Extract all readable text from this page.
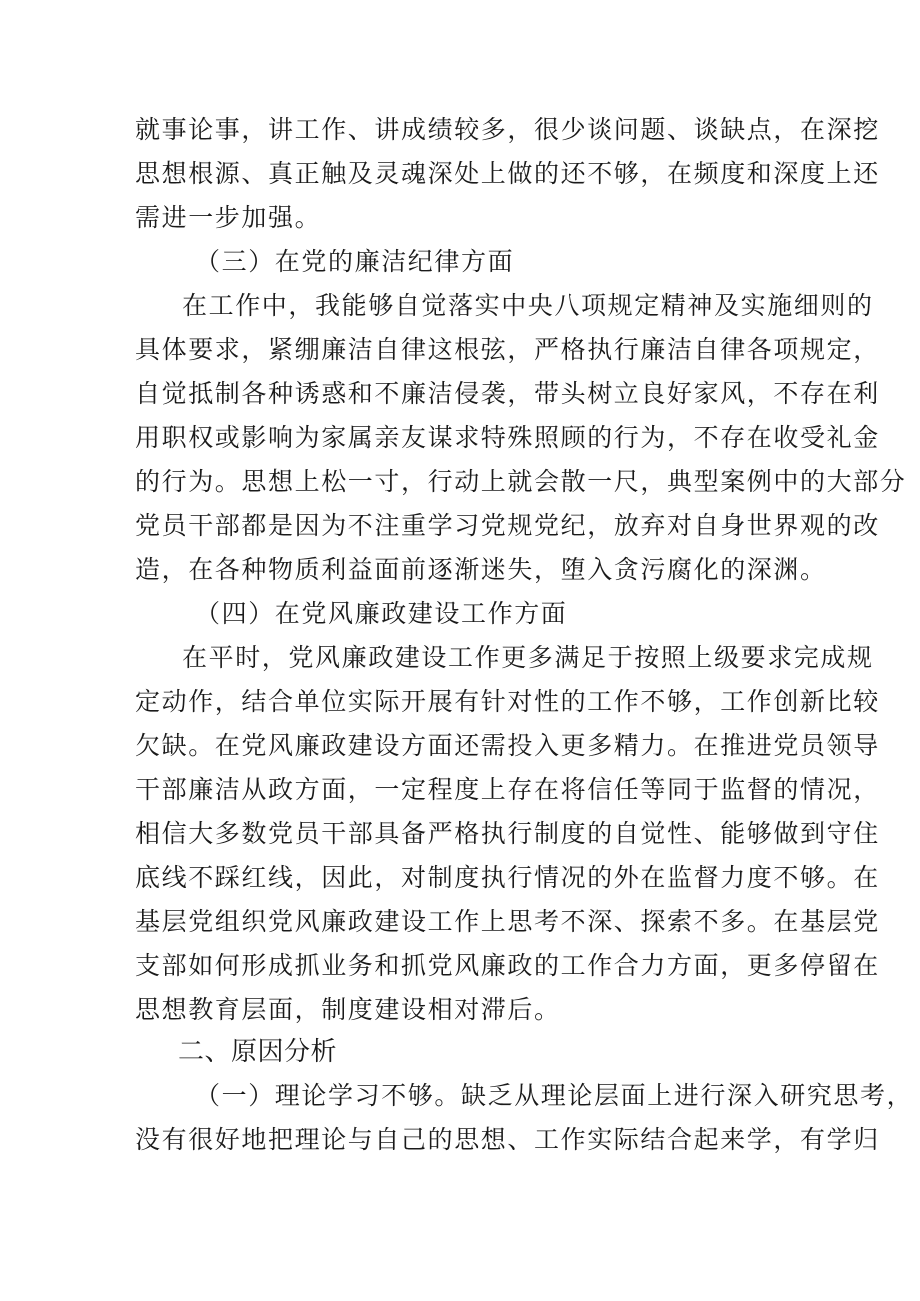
就事论事，讲工作、讲成绩较多，很少谈问题、谈缺点，在深挖
思想根源、真正触及灵魂深处上做的还不够，在频度和深度上还
需进一步加强。
（三）在党的廉洁纪律方面
在工作中，我能够自觉落实中央八项规定精神及实施细则的
具体要求，紧绷廉洁自律这根弦，严格执行廉洁自律各项规定，
自觉抵制各种诱惑和不廉洁侵袭，带头树立良好家风，不存在利
用职权或影响为家属亲友谋求特殊照顾的行为，不存在收受礼金
的行为。思想上松一寸，行动上就会散一尺，典型案例中的大部分
党员干部都是因为不注重学习党规党纪，放弃对自身世界观的改
造，在各种物质利益面前逐渐迷失，堕入贪污腐化的深渊。
（四）在党风廉政建设工作方面
在平时，党风廉政建设工作更多满足于按照上级要求完成规
定动作，结合单位实际开展有针对性的工作不够，工作创新比较
欠缺。在党风廉政建设方面还需投入更多精力。在推进党员领导
干部廉洁从政方面，一定程度上存在将信任等同于监督的情况，
相信大多数党员干部具备严格执行制度的自觉性、能够做到守住
底线不踩红线，因此，对制度执行情况的外在监督力度不够。在
基层党组织党风廉政建设工作上思考不深、探索不多。在基层党
支部如何形成抓业务和抓党风廉政的工作合力方面，更多停留在
思想教育层面，制度建设相对滞后。
二、原因分析
（一）理论学习不够。缺乏从理论层面上进行深入研究思考，
没有很好地把理论与自己的思想、工作实际结合起来学，有学归
